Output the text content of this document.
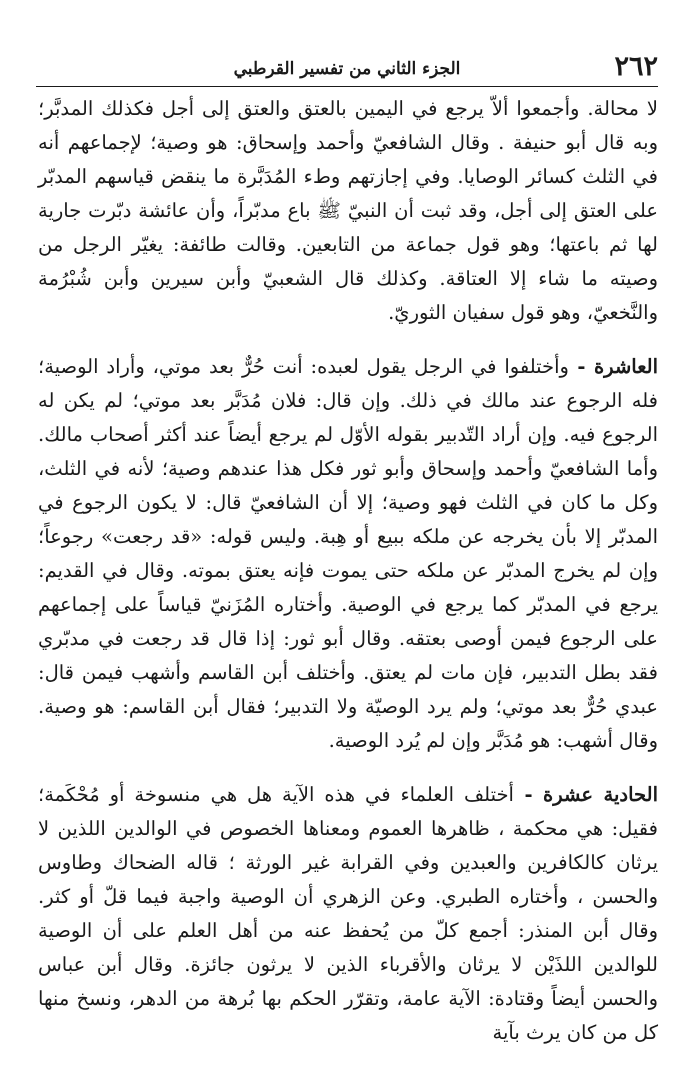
٢٦٢
الجزء الثاني من تفسير القرطبي

لا محالة. وأجمعوا ألاّ يرجع في اليمين بالعتق والعتق إلى أجل فكذلك المدبَّر؛ وبه قال أبو حنيفة . وقال الشافعيّ وأحمد وإسحاق: هو وصية؛ لإجماعهم أنه في الثلث كسائر الوصايا. وفي إجازتهم وطء المُدَبَّرة ما ينقض قياسهم المدبّر على العتق إلى أجل، وقد ثبت أن النبيّ ﷺ باع مدبّراً، وأن عائشة دبّرت جارية لها ثم باعتها؛ وهو قول جماعة من التابعين. وقالت طائفة: يغيّر الرجل من وصيته ما شاء إلا العتاقة. وكذلك قال الشعبيّ وأبن سيرين وأبن شُبْرُمة والنَّخعيّ، وهو قول سفيان الثوريّ.

العاشرة - وأختلفوا في الرجل يقول لعبده: أنت حُرٌّ بعد موتي، وأراد الوصية؛ فله الرجوع عند مالك في ذلك. وإن قال: فلان مُدَبَّر بعد موتي؛ لم يكن له الرجوع فيه. وإن أراد التّدبير بقوله الأوّل لم يرجع أيضاً عند أكثر أصحاب مالك. وأما الشافعيّ وأحمد وإسحاق وأبو ثور فكل هذا عندهم وصية؛ لأنه في الثلث، وكل ما كان في الثلث فهو وصية؛ إلا أن الشافعيّ قال: لا يكون الرجوع في المدبّر إلا بأن يخرجه عن ملكه ببيع أو هِبة. وليس قوله: «قد رجعت» رجوعاً؛ وإن لم يخرج المدبّر عن ملكه حتى يموت فإنه يعتق بموته. وقال في القديم: يرجع في المدبّر كما يرجع في الوصية. وأختاره المُزَنيّ قياساً على إجماعهم على الرجوع فيمن أوصى بعتقه. وقال أبو ثور: إذا قال قد رجعت في مدبّري فقد بطل التدبير، فإن مات لم يعتق. وأختلف أبن القاسم وأشهب فيمن قال: عبدي حُرٌّ بعد موتي؛ ولم يرد الوصيّة ولا التدبير؛ فقال أبن القاسم: هو وصية. وقال أشهب: هو مُدَبَّر وإن لم يُرد الوصية.

الحادية عشرة - أختلف العلماء في هذه الآية هل هي منسوخة أو مُحْكَمة؛ فقيل: هي محكمة ، ظاهرها العموم ومعناها الخصوص في الوالدين اللذين لا يرثان كالكافرين والعبدين وفي القرابة غير الورثة ؛ قاله الضحاك وطاوس والحسن ، وأختاره الطبري. وعن الزهري أن الوصية واجبة فيما قلّ أو كثر. وقال أبن المنذر: أجمع كلّ من يُحفظ عنه من أهل العلم على أن الوصية للوالدين اللذَيْن لا يرثان والأقرباء الذين لا يرثون جائزة. وقال أبن عباس والحسن أيضاً وقتادة: الآية عامة، وتقرّر الحكم بها بُرهة من الدهر، ونسخ منها كل من كان يرث بآية
